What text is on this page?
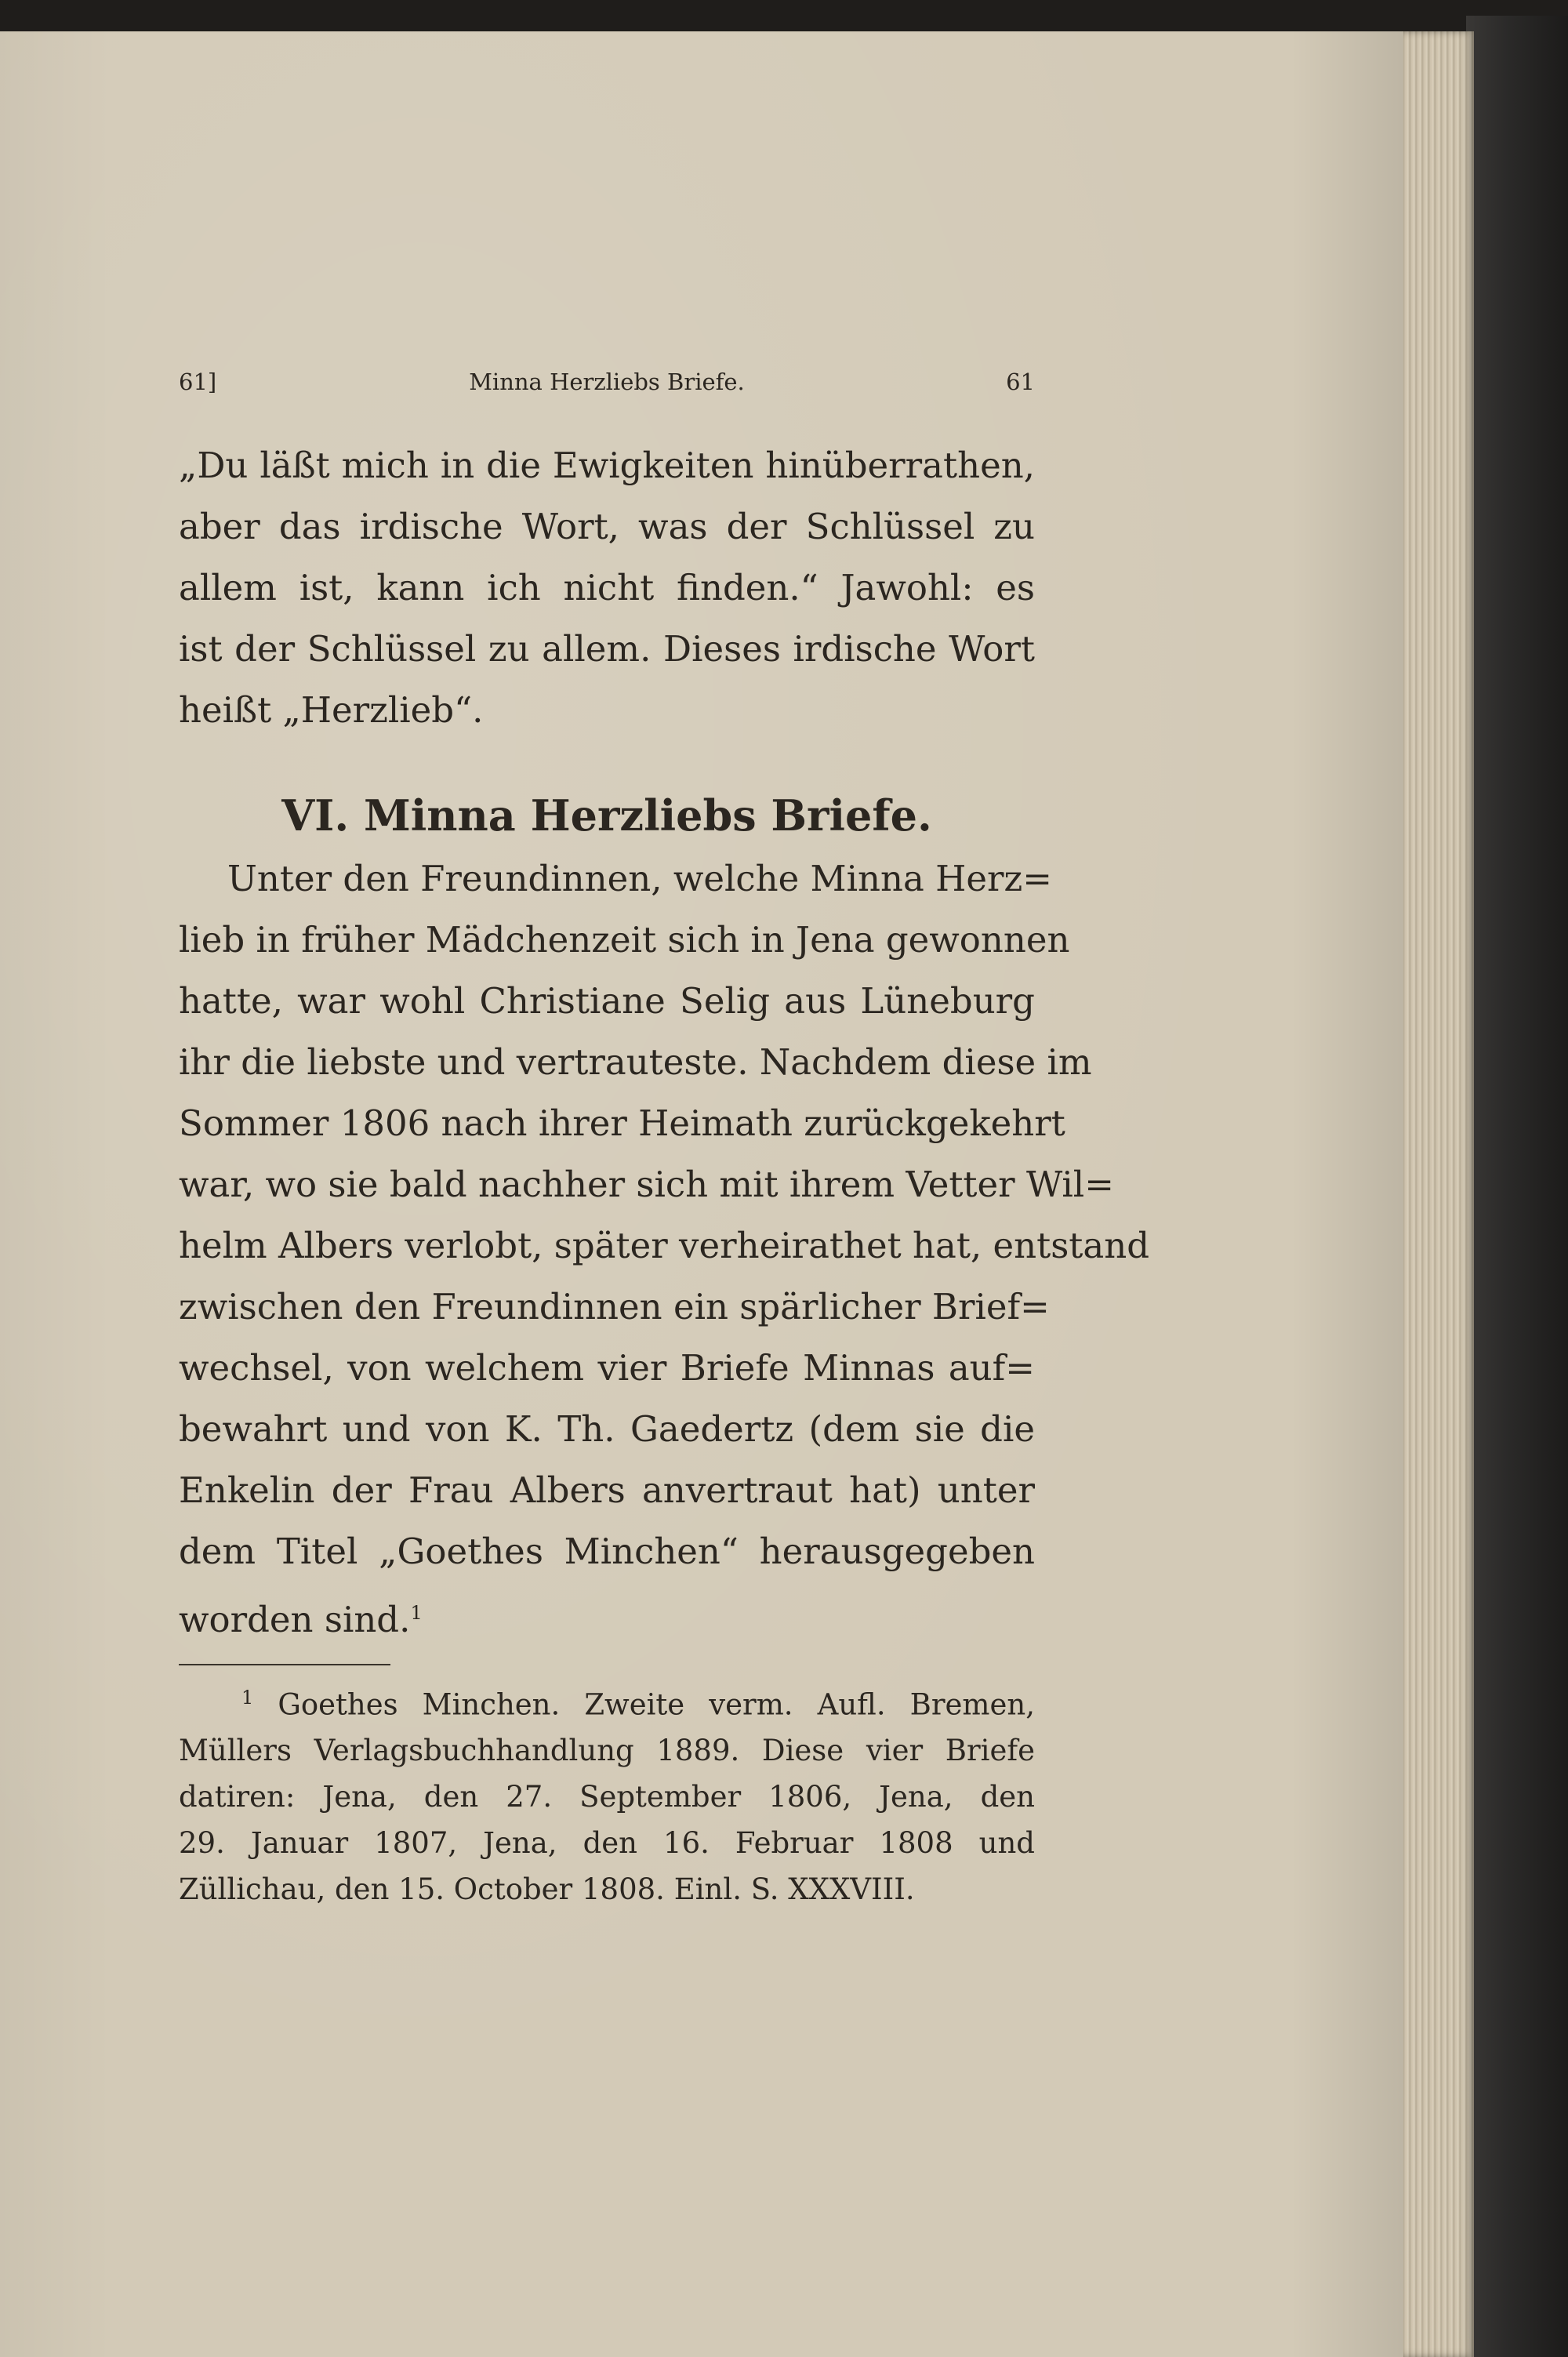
61]	Minna Herzliebs Briefe.	61
„Du läßt mich in die Ewigkeiten hinüberrathen,
aber das irdische Wort, was der Schlüssel zu
allem ist, kann ich nicht finden.“ Jawohl: es
ist der Schlüssel zu allem. Dieses irdische Wort
heißt „Herzlieb“.
VI. Minna Herzliebs Briefe.
Unter den Freundinnen, welche Minna Herz=
lieb in früher Mädchenzeit sich in Jena gewonnen
hatte, war wohl Christiane Selig aus Lüneburg
ihr die liebste und vertrauteste. Nachdem diese im
Sommer 1806 nach ihrer Heimath zurückgekehrt
war, wo sie bald nachher sich mit ihrem Vetter Wil=
helm Albers verlobt, später verheirathet hat, entstand
zwischen den Freundinnen ein spärlicher Brief=
wechsel, von welchem vier Briefe Minnas auf=
bewahrt und von K. Th. Gaedertz (dem sie die
Enkelin der Frau Albers anvertraut hat) unter
dem Titel „Goethes Minchen“ herausgegeben
worden sind.$^1$
$^1$ Goethes Minchen. Zweite verm. Aufl. Bremen,
Müllers Verlagsbuchhandlung 1889. Diese vier Briefe
datiren: Jena, den 27. September 1806, Jena, den
29. Januar 1807, Jena, den 16. Februar 1808 und
Züllichau, den 15. October 1808. Einl. S. XXXVIII.
